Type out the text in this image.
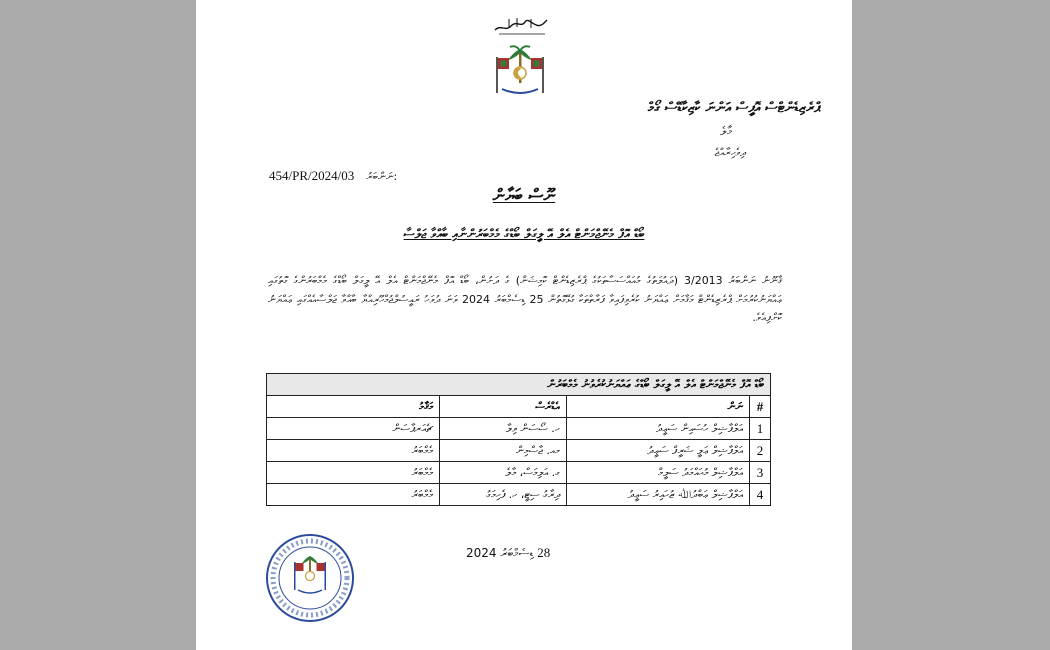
ޕްރެޒިޑެންޓްސް އޮފީސް އަންނަ ކާޒިކާޑޭސް ގޯމް
މާލެ
ދިވެހިރާއްޖެ
454/PR/2024/03 ނަންބަރު:
ނޫސް ބަޔާން
ބޯޑް އޮފް މެނޭޖްމަންޓް އެލް އޭ ލީގަލް ބޯޑްގެ މެމްބަރުންނާއި ބާއްވާ ޖަލްސާ
ޤާނޫނު ނަންބަރު 3/2013 (ދައުލަތުގެ މުއައްސަސާތަކުގެ ޕްރެޒިޑެންޓް ކޮމިޝަން) ގެ ދަށުން، ބޯޑް އޮފް މެނޭޖްމަންޓް އެލް އޭ ލީގަލް ބޯޑްގެ މެމްބަރުންގެ ގޮތުގައި ޢައްޔަނުކުރުމަށް ޕްރެޒިޑެންޓް މަޤާމަށް ޢައްޔަނު ކުރެވިފައިވާ ފަރާތްތަކާ ގުޅޭގޮތުން 25 ޑިސެމްބަރު 2024 ވަނަ ދުވަހު ރައީސުލްޖުމްހޫރިއްޔާ ބާއްވާ ޖަލްސާއެއްގައި ޢައްޔަނު ކޮށްފިއެވެ.
ބޯޑް އޮފް މެނޭޖްމަންޓް އެލް އޭ ލީގަލް ބޯޑްގެ ޢައްޔަނުކުރެވުނު މެމްބަރުން			
#	ނަން	އެޑްރެސް	މަޤާމު
1	އަލްފާޟިލް ހުސައިން ސަޢީދު	ހ. ސޯސަން ވިލާ	ޗެއަރޕާސަން
2	އަލްފާޟިލް ޢަލީ ޝަރީފް ސަޢީދު	މއ. ޖާސްމިން	މެމްބަރު
3	އަލްފާޟިލް މުޙައްމަދު ސަލީމް	ގ. އަލިމަސް، މާލެ	މެމްބަރު
4	އަލްފާޟިލް ޢަބްދުﷲ ޒުހައިރު ސަޢީދު	ދިރާގު ސިޓީ، ހ. ފެހިމަގު	މެމްބަރު
ޑިސެމްބަރު 2024 28
